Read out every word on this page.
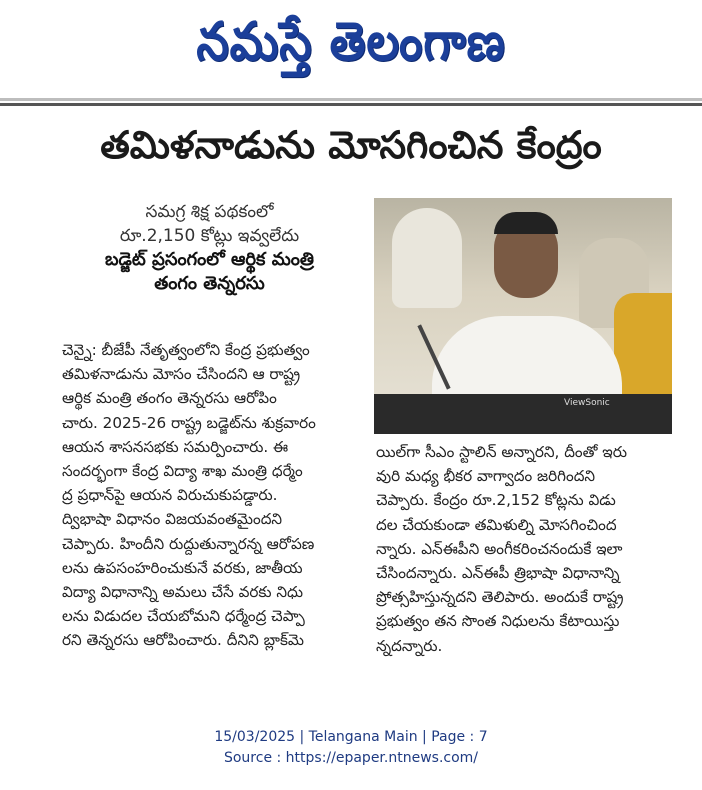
నమస్తే తెలంగాణ
తమిళనాడును మోసగించిన కేంద్రం
సమగ్ర శిక్ష పథకంలో
రూ.2,150 కోట్లు ఇవ్వలేదు
బడ్జెట్ ప్రసంగంలో ఆర్థిక మంత్రి
తంగం తెన్నరసు
ViewSonic
చెన్నై: బీజేపీ నేతృత్వంలోని కేంద్ర ప్రభుత్వం
తమిళనాడును మోసం చేసిందని ఆ రాష్ట్ర
ఆర్థిక మంత్రి తంగం తెన్నరసు ఆరోపిం
చారు. 2025-26 రాష్ట్ర బడ్జెట్‌ను శుక్రవారం
ఆయన శాసనసభకు సమర్పించారు. ఈ
సందర్భంగా కేంద్ర విద్యా శాఖ మంత్రి ధర్మేం
ద్ర ప్రధాన్‌పై ఆయన విరుచుకుపడ్డారు.
ద్విభాషా విధానం విజయవంతమైందని
చెప్పారు. హిందీని రుద్దుతున్నారన్న ఆరోపణ
లను ఉపసంహరించుకునే వరకు, జాతీయ
విద్యా విధానాన్ని అమలు చేసే వరకు నిధు
లను విడుదల చేయబోమని ధర్మేంద్ర చెప్పా
రని తెన్నరసు ఆరోపించారు. దీనిని బ్లాక్‌మె
యిల్‌గా సీఎం స్టాలిన్ అన్నారని, దీంతో ఇరు
వురి మధ్య భీకర వాగ్వాదం జరిగిందని
చెప్పారు. కేంద్రం రూ.2,152 కోట్లను విడు
దల చేయకుండా తమిళుల్ని మోసగించింద
న్నారు. ఎన్ఈపీని అంగీకరించనందుకే ఇలా
చేసిందన్నారు. ఎన్ఈపీ త్రిభాషా విధానాన్ని
ప్రోత్సహిస్తున్నదని తెలిపారు. అందుకే రాష్ట్ర
ప్రభుత్వం తన సొంత నిధులను కేటాయిస్తు
న్నదన్నారు.
15/03/2025 | Telangana Main | Page : 7
Source : https://epaper.ntnews.com/
